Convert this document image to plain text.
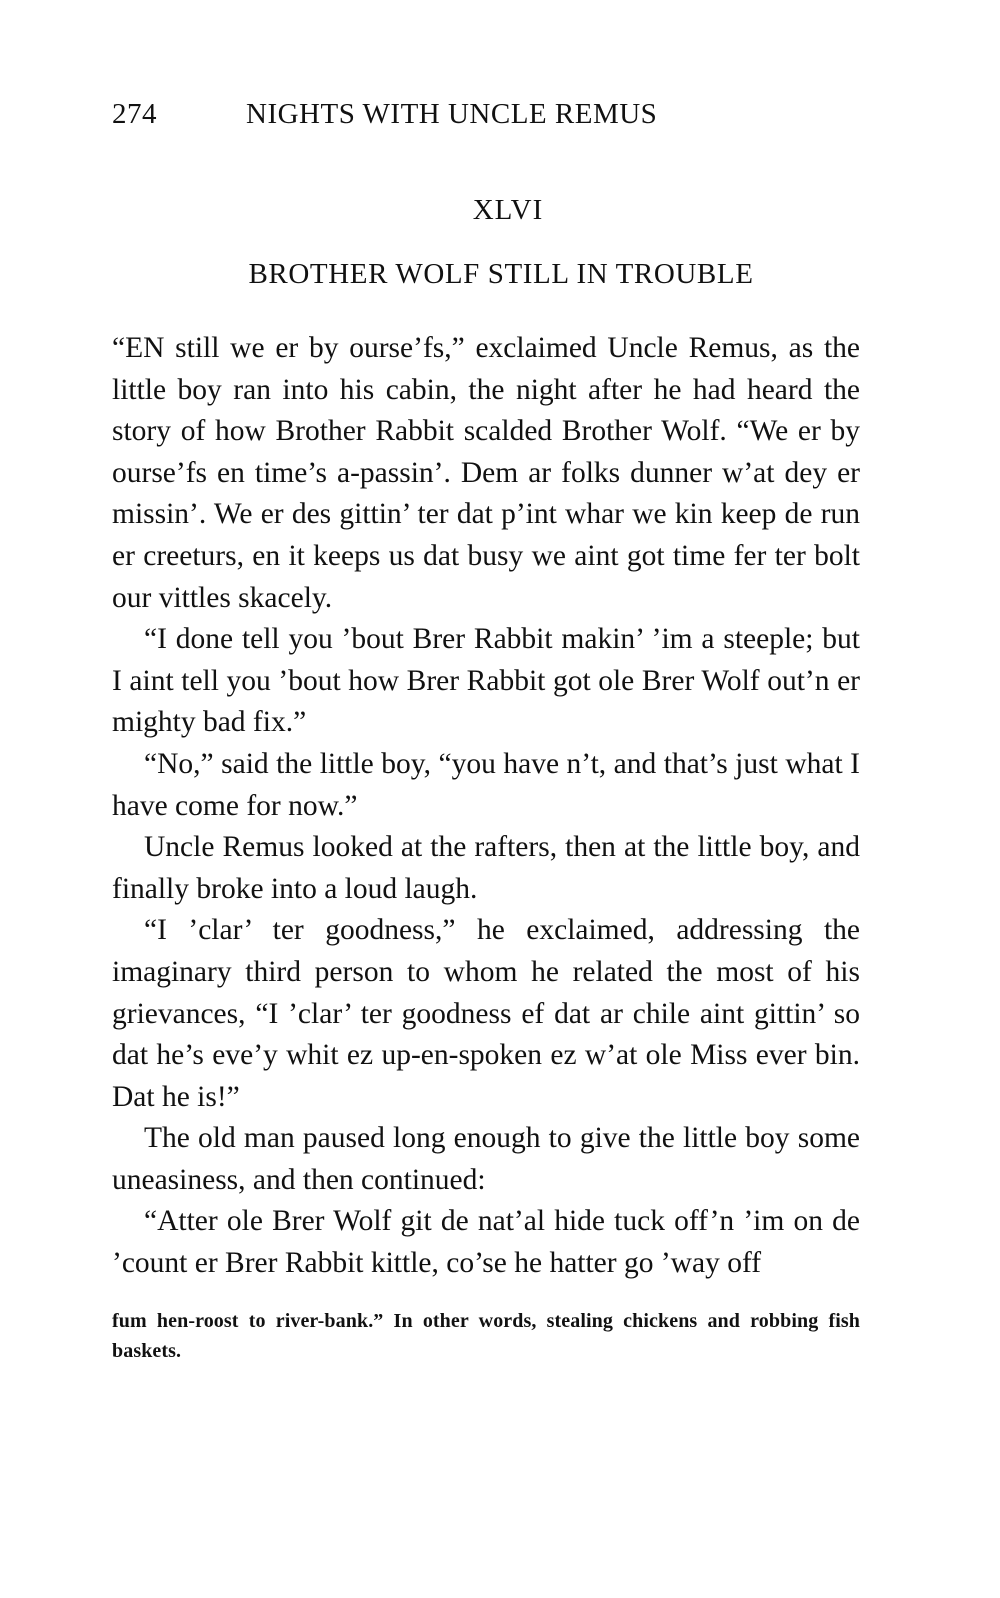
274	NIGHTS WITH UNCLE REMUS
XLVI
BROTHER WOLF STILL IN TROUBLE

“EN still we er by ourse’fs,” exclaimed Uncle Remus, as the little boy ran into his cabin, the night after he had heard the story of how Brother Rabbit scalded Brother Wolf. “We er by ourse’fs en time’s a-passin’. Dem ar folks dunner w’at dey er missin’. We er des gittin’ ter dat p’int whar we kin keep de run er creeturs, en it keeps us dat busy we aint got time fer ter bolt our vittles skacely.

“I done tell you ’bout Brer Rabbit makin’ ’im a steeple; but I aint tell you ’bout how Brer Rabbit got ole Brer Wolf out’n er mighty bad fix.”

“No,” said the little boy, “you have n’t, and that’s just what I have come for now.”

Uncle Remus looked at the rafters, then at the little boy, and finally broke into a loud laugh.

“I ’clar’ ter goodness,” he exclaimed, addressing the imaginary third person to whom he related the most of his grievances, “I ’clar’ ter goodness ef dat ar chile aint gittin’ so dat he’s eve’y whit ez up-en-spoken ez w’at ole Miss ever bin. Dat he is!”

The old man paused long enough to give the little boy some uneasiness, and then continued:

“Atter ole Brer Wolf git de nat’al hide tuck off’n ’im on de ’count er Brer Rabbit kittle, co’se he hatter go ’way off

fum hen-roost to river-bank.” In other words, stealing chickens and robbing fish baskets.
